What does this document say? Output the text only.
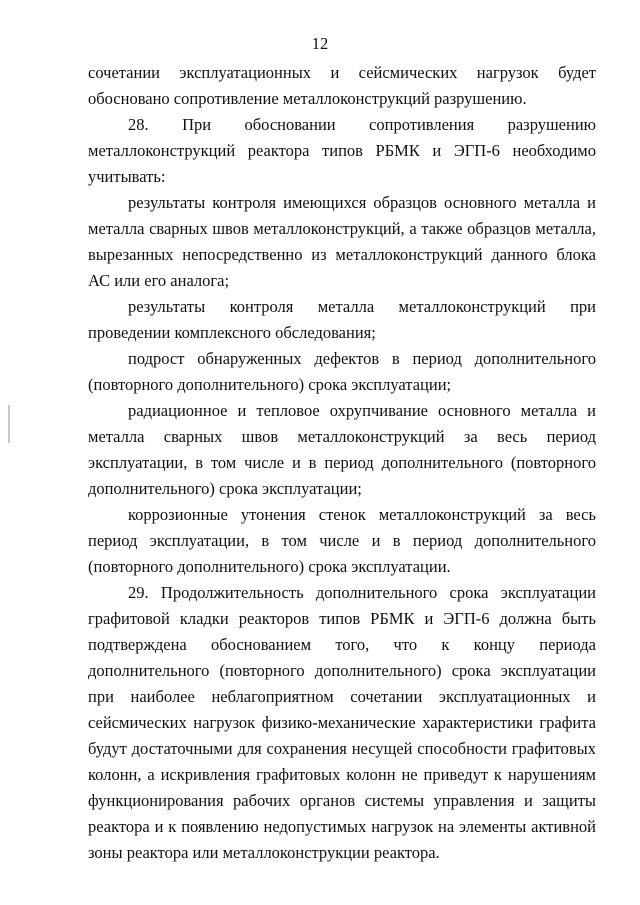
12

сочетании эксплуатационных и сейсмических нагрузок будет обосновано сопротивление металлоконструкций разрушению.

28. При обосновании сопротивления разрушению металлоконструкций реактора типов РБМК и ЭГП-6 необходимо учитывать:

результаты контроля имеющихся образцов основного металла и металла сварных швов металлоконструкций, а также образцов металла, вырезанных непосредственно из металлоконструкций данного блока АС или его аналога;

результаты контроля металла металлоконструкций при проведении комплексного обследования;

подрост обнаруженных дефектов в период дополнительного (повторного дополнительного) срока эксплуатации;

радиационное и тепловое охрупчивание основного металла и металла сварных швов металлоконструкций за весь период эксплуатации, в том числе и в период дополнительного (повторного дополнительного) срока эксплуатации;

коррозионные утонения стенок металлоконструкций за весь период эксплуатации, в том числе и в период дополнительного (повторного дополнительного) срока эксплуатации.

29. Продолжительность дополнительного срока эксплуатации графитовой кладки реакторов типов РБМК и ЭГП-6 должна быть подтверждена обоснованием того, что к концу периода дополнительного (повторного дополнительного) срока эксплуатации при наиболее неблагоприятном сочетании эксплуатационных и сейсмических нагрузок физико-механические характеристики графита будут достаточными для сохранения несущей способности графитовых колонн, а искривления графитовых колонн не приведут к нарушениям функционирования рабочих органов системы управления и защиты реактора и к появлению недопустимых нагрузок на элементы активной зоны реактора или металлоконструкции реактора.
